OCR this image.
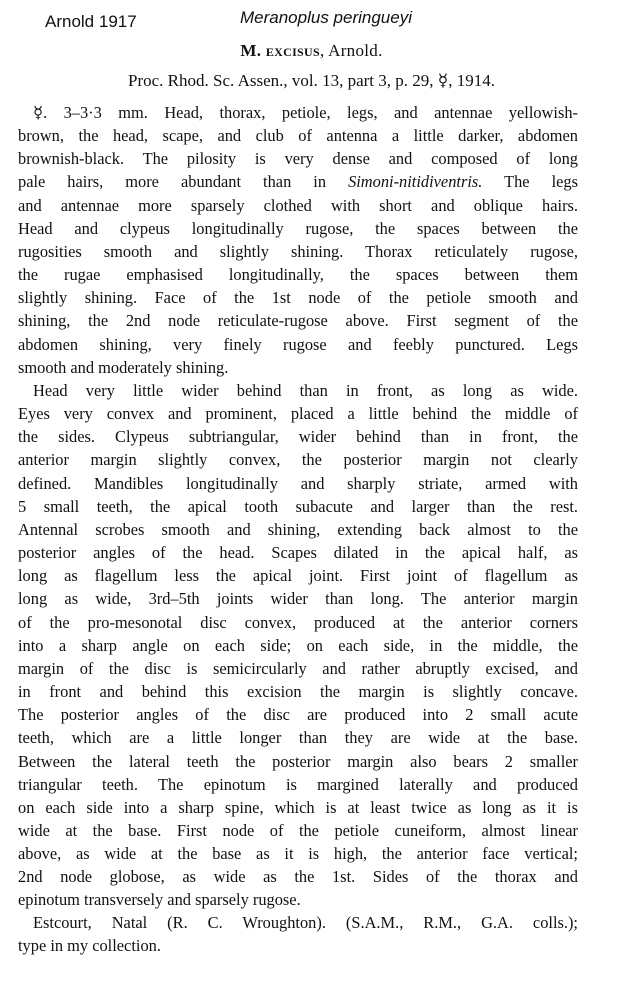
Arnold 1917	Meranoplus peringueyi
M. excisus, Arnold.
Proc. Rhod. Sc. Assen., vol. 13, part 3, p. 29, ☿, 1914.
☿. 3–3·3 mm. Head, thorax, petiole, legs, and antennae yellowish-
brown, the head, scape, and club of antenna a little darker, abdomen
brownish-black. The pilosity is very dense and composed of long
pale hairs, more abundant than in Simoni-nitidiventris. The legs
and antennae more sparsely clothed with short and oblique hairs.
Head and clypeus longitudinally rugose, the spaces between the
rugosities smooth and slightly shining. Thorax reticulately rugose,
the rugae emphasised longitudinally, the spaces between them
slightly shining. Face of the 1st node of the petiole smooth and
shining, the 2nd node reticulate-rugose above. First segment of the
abdomen shining, very finely rugose and feebly punctured. Legs
smooth and moderately shining.
Head very little wider behind than in front, as long as wide.
Eyes very convex and prominent, placed a little behind the middle of
the sides. Clypeus subtriangular, wider behind than in front, the
anterior margin slightly convex, the posterior margin not clearly
defined. Mandibles longitudinally and sharply striate, armed with
5 small teeth, the apical tooth subacute and larger than the rest.
Antennal scrobes smooth and shining, extending back almost to the
posterior angles of the head. Scapes dilated in the apical half, as
long as flagellum less the apical joint. First joint of flagellum as
long as wide, 3rd–5th joints wider than long. The anterior margin
of the pro-mesonotal disc convex, produced at the anterior corners
into a sharp angle on each side; on each side, in the middle, the
margin of the disc is semicircularly and rather abruptly excised, and
in front and behind this excision the margin is slightly concave.
The posterior angles of the disc are produced into 2 small acute
teeth, which are a little longer than they are wide at the base.
Between the lateral teeth the posterior margin also bears 2 smaller
triangular teeth. The epinotum is margined laterally and produced
on each side into a sharp spine, which is at least twice as long as it is
wide at the base. First node of the petiole cuneiform, almost linear
above, as wide at the base as it is high, the anterior face vertical;
2nd node globose, as wide as the 1st. Sides of the thorax and
epinotum transversely and sparsely rugose.
Estcourt, Natal (R. C. Wroughton). (S.A.M., R.M., G.A. colls.);
type in my collection.
